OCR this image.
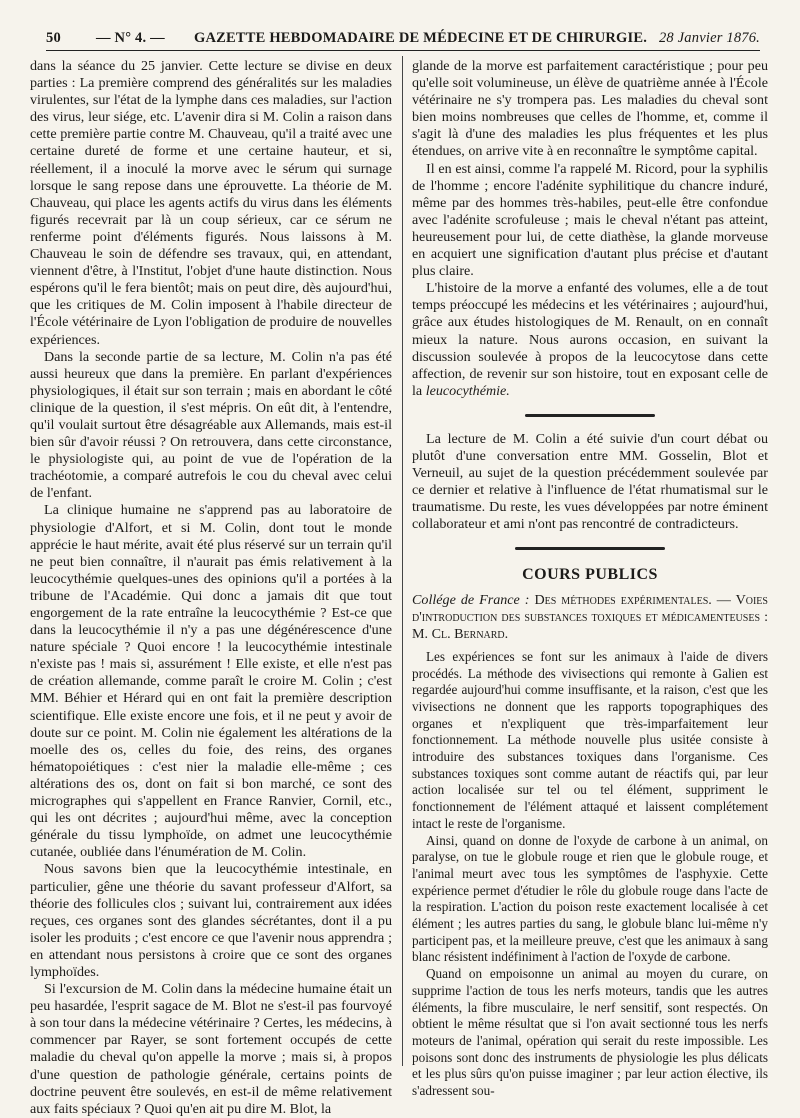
50 — N° 4. — GAZETTE HEBDOMADAIRE DE MÉDECINE ET DE CHIRURGIE. 28 Janvier 1876.

dans la séance du 25 janvier. Cette lecture se divise en deux parties : La première comprend des généralités sur les maladies virulentes, sur l'état de la lymphe dans ces maladies, sur l'action des virus, leur siége, etc. L'avenir dira si M. Colin a raison dans cette première partie contre M. Chauveau, qu'il a traité avec une certaine dureté de forme et une certaine hauteur, et si, réellement, il a inoculé la morve avec le sérum qui surnage lorsque le sang repose dans une éprouvette. La théorie de M. Chauveau, qui place les agents actifs du virus dans les éléments figurés recevrait par là un coup sérieux, car ce sérum ne renferme point d'éléments figurés. Nous laissons à M. Chauveau le soin de défendre ses travaux, qui, en attendant, viennent d'être, à l'Institut, l'objet d'une haute distinction. Nous espérons qu'il le fera bientôt; mais on peut dire, dès aujourd'hui, que les critiques de M. Colin imposent à l'habile directeur de l'École vétérinaire de Lyon l'obligation de produire de nouvelles expériences.

Dans la seconde partie de sa lecture, M. Colin n'a pas été aussi heureux que dans la première. En parlant d'expériences physiologiques, il était sur son terrain ; mais en abordant le côté clinique de la question, il s'est mépris. On eût dit, à l'entendre, qu'il voulait surtout être désagréable aux Allemands, mais est-il bien sûr d'avoir réussi ? On retrouvera, dans cette circonstance, le physiologiste qui, au point de vue de l'opération de la trachéotomie, a comparé autrefois le cou du cheval avec celui de l'enfant.

La clinique humaine ne s'apprend pas au laboratoire de physiologie d'Alfort, et si M. Colin, dont tout le monde apprécie le haut mérite, avait été plus réservé sur un terrain qu'il ne peut bien connaître, il n'aurait pas émis relativement à la leucocythémie quelques-unes des opinions qu'il a portées à la tribune de l'Académie. Qui donc a jamais dit que tout engorgement de la rate entraîne la leucocythémie ? Est-ce que dans la leucocythémie il n'y a pas une dégénérescence d'une nature spéciale ? Quoi encore ! la leucocythémie intestinale n'existe pas ! mais si, assurément ! Elle existe, et elle n'est pas de création allemande, comme paraît le croire M. Colin ; c'est MM. Béhier et Hérard qui en ont fait la première description scientifique. Elle existe encore une fois, et il ne peut y avoir de doute sur ce point. M. Colin nie également les altérations de la moelle des os, celles du foie, des reins, des organes hématopoiétiques : c'est nier la maladie elle-même ; ces altérations des os, dont on fait si bon marché, ce sont des micrographes qui s'appellent en France Ranvier, Cornil, etc., qui les ont décrites ; aujourd'hui même, avec la conception générale du tissu lymphoïde, on admet une leucocythémie cutanée, oubliée dans l'énumération de M. Colin.

Nous savons bien que la leucocythémie intestinale, en particulier, gêne une théorie du savant professeur d'Alfort, sa théorie des follicules clos ; suivant lui, contrairement aux idées reçues, ces organes sont des glandes sécrétantes, dont il a pu isoler les produits ; c'est encore ce que l'avenir nous apprendra ; en attendant nous persistons à croire que ce sont des organes lymphoïdes.

Si l'excursion de M. Colin dans la médecine humaine était un peu hasardée, l'esprit sagace de M. Blot ne s'est-il pas fourvoyé à son tour dans la médecine vétérinaire ? Certes, les médecins, à commencer par Rayer, se sont fortement occupés de cette maladie du cheval qu'on appelle la morve ; mais si, à propos d'une question de pathologie générale, certains points de doctrine peuvent être soulevés, en est-il de même relativement aux faits spéciaux ? Quoi qu'en ait pu dire M. Blot, la

glande de la morve est parfaitement caractéristique ; pour peu qu'elle soit volumineuse, un élève de quatrième année à l'École vétérinaire ne s'y trompera pas. Les maladies du cheval sont bien moins nombreuses que celles de l'homme, et, comme il s'agit là d'une des maladies les plus fréquentes et les plus étendues, on arrive vite à en reconnaître le symptôme capital.

Il en est ainsi, comme l'a rappelé M. Ricord, pour la syphilis de l'homme ; encore l'adénite syphilitique du chancre induré, même par des hommes très-habiles, peut-elle être confondue avec l'adénite scrofuleuse ; mais le cheval n'étant pas atteint, heureusement pour lui, de cette diathèse, la glande morveuse en acquiert une signification d'autant plus précise et d'autant plus claire.

L'histoire de la morve a enfanté des volumes, elle a de tout temps préoccupé les médecins et les vétérinaires ; aujourd'hui, grâce aux études histologiques de M. Renault, on en connaît mieux la nature. Nous aurons occasion, en suivant la discussion soulevée à propos de la leucocytose dans cette affection, de revenir sur son histoire, tout en exposant celle de la leucocythémie.

La lecture de M. Colin a été suivie d'un court débat ou plutôt d'une conversation entre MM. Gosselin, Blot et Verneuil, au sujet de la question précédemment soulevée par ce dernier et relative à l'influence de l'état rhumatismal sur le traumatisme. Du reste, les vues développées par notre éminent collaborateur et ami n'ont pas rencontré de contradicteurs.

COURS PUBLICS

Collége de France : Des méthodes expérimentales. — Voies d'introduction des substances toxiques et médicamenteuses : M. Cl. Bernard.

Les expériences se font sur les animaux à l'aide de divers procédés. La méthode des vivisections qui remonte à Galien est regardée aujourd'hui comme insuffisante, et la raison, c'est que les vivisections ne donnent que les rapports topographiques des organes et n'expliquent que très-imparfaitement leur fonctionnement. La méthode nouvelle plus usitée consiste à introduire des substances toxiques dans l'organisme. Ces substances toxiques sont comme autant de réactifs qui, par leur action localisée sur tel ou tel élément, suppriment le fonctionnement de l'élément attaqué et laissent complétement intact le reste de l'organisme.

Ainsi, quand on donne de l'oxyde de carbone à un animal, on paralyse, on tue le globule rouge et rien que le globule rouge, et l'animal meurt avec tous les symptômes de l'asphyxie. Cette expérience permet d'étudier le rôle du globule rouge dans l'acte de la respiration. L'action du poison reste exactement localisée à cet élément ; les autres parties du sang, le globule blanc lui-même n'y participent pas, et la meilleure preuve, c'est que les animaux à sang blanc résistent indéfiniment à l'action de l'oxyde de carbone.

Quand on empoisonne un animal au moyen du curare, on supprime l'action de tous les nerfs moteurs, tandis que les autres éléments, la fibre musculaire, le nerf sensitif, sont respectés. On obtient le même résultat que si l'on avait sectionné tous les nerfs moteurs de l'animal, opération qui serait du reste impossible. Les poisons sont donc des instruments de physiologie les plus délicats et les plus sûrs qu'on puisse imaginer ; par leur action élective, ils s'adressent sou-
